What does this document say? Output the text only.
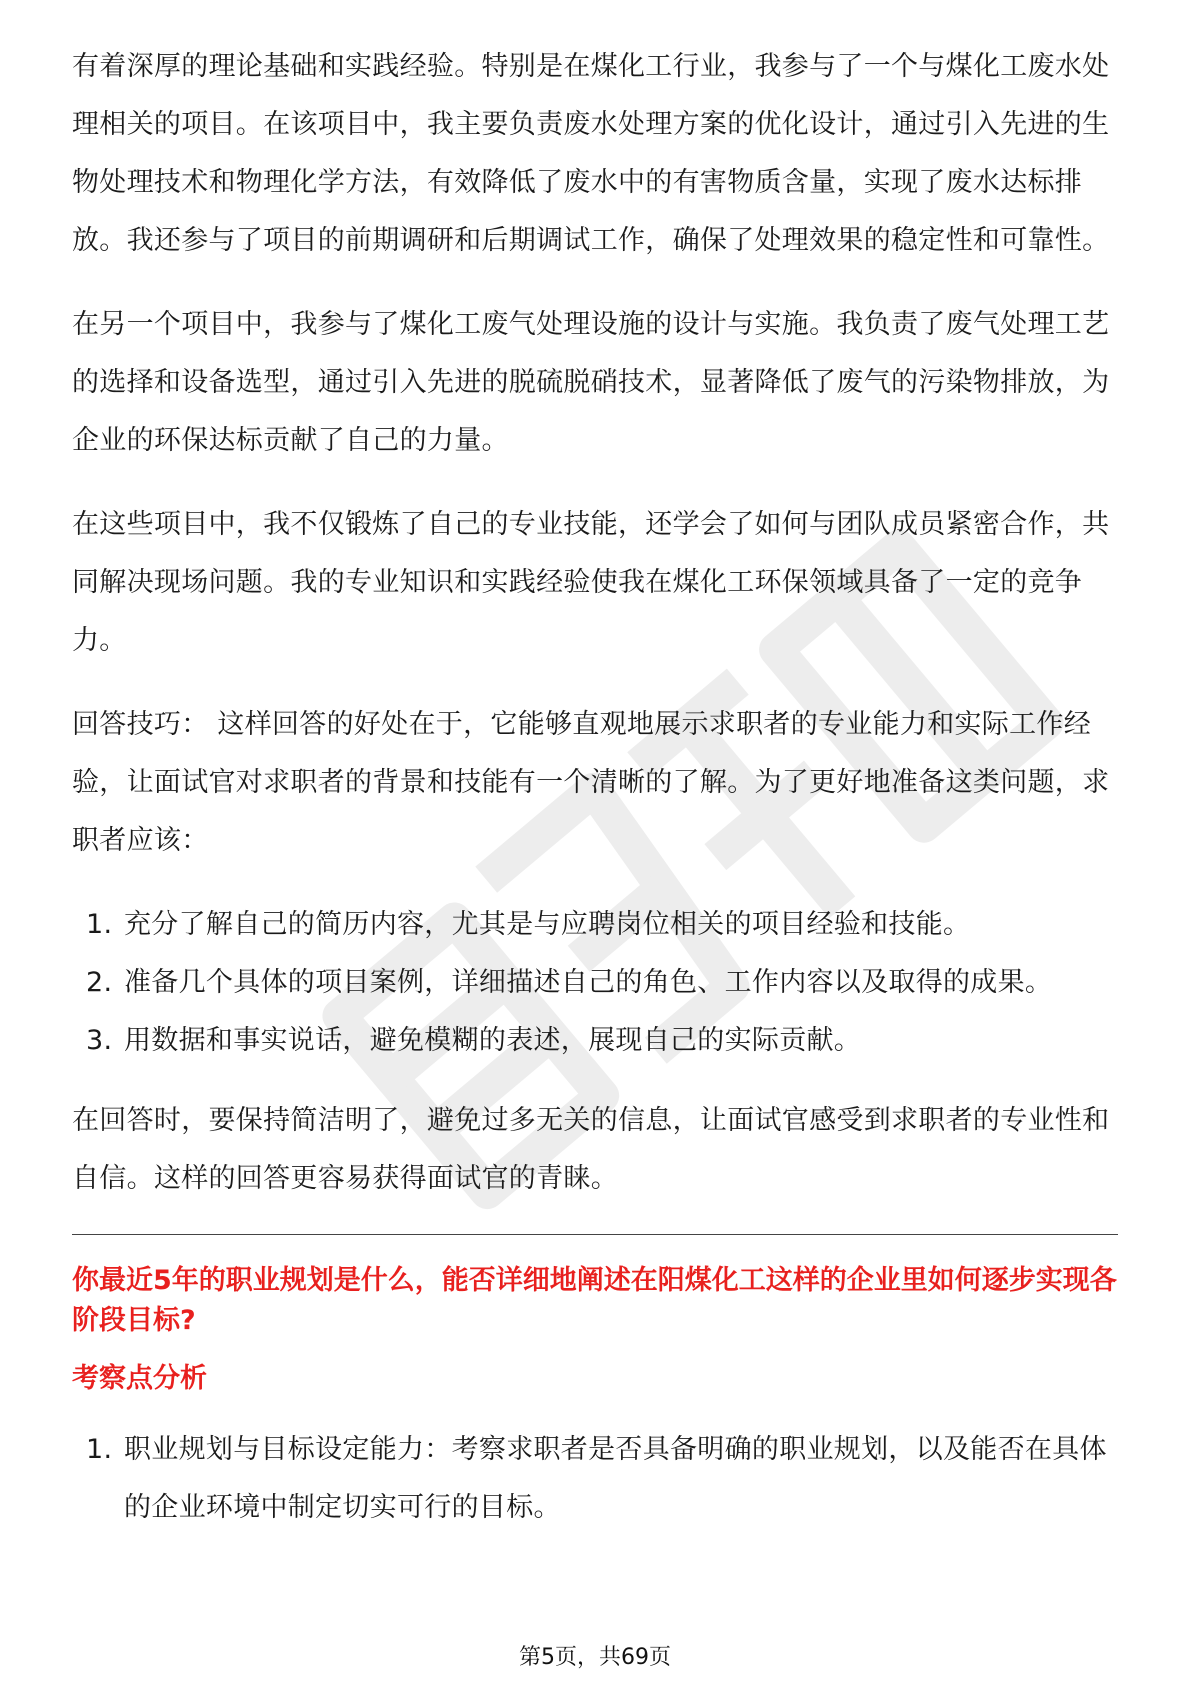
有着深厚的理论基础和实践经验。特别是在煤化工行业，我参与了一个与煤化工废水处理相关的项目。在该项目中，我主要负责废水处理方案的优化设计，通过引入先进的生物处理技术和物理化学方法，有效降低了废水中的有害物质含量，实现了废水达标排放。我还参与了项目的前期调研和后期调试工作，确保了处理效果的稳定性和可靠性。

在另一个项目中，我参与了煤化工废气处理设施的设计与实施。我负责了废气处理工艺的选择和设备选型，通过引入先进的脱硫脱硝技术，显著降低了废气的污染物排放，为企业的环保达标贡献了自己的力量。

在这些项目中，我不仅锻炼了自己的专业技能，还学会了如何与团队成员紧密合作，共同解决现场问题。我的专业知识和实践经验使我在煤化工环保领域具备了一定的竞争力。

回答技巧： 这样回答的好处在于，它能够直观地展示求职者的专业能力和实际工作经验，让面试官对求职者的背景和技能有一个清晰的了解。为了更好地准备这类问题，求职者应该：

1. 充分了解自己的简历内容，尤其是与应聘岗位相关的项目经验和技能。
2. 准备几个具体的项目案例，详细描述自己的角色、工作内容以及取得的成果。
3. 用数据和事实说话，避免模糊的表述，展现自己的实际贡献。

在回答时，要保持简洁明了，避免过多无关的信息，让面试官感受到求职者的专业性和自信。这样的回答更容易获得面试官的青睐。

你最近5年的职业规划是什么，能否详细地阐述在阳煤化工这样的企业里如何逐步实现各阶段目标?
考察点分析
1. 职业规划与目标设定能力：考察求职者是否具备明确的职业规划，以及能否在具体的企业环境中制定切实可行的目标。
第5页，共69页
